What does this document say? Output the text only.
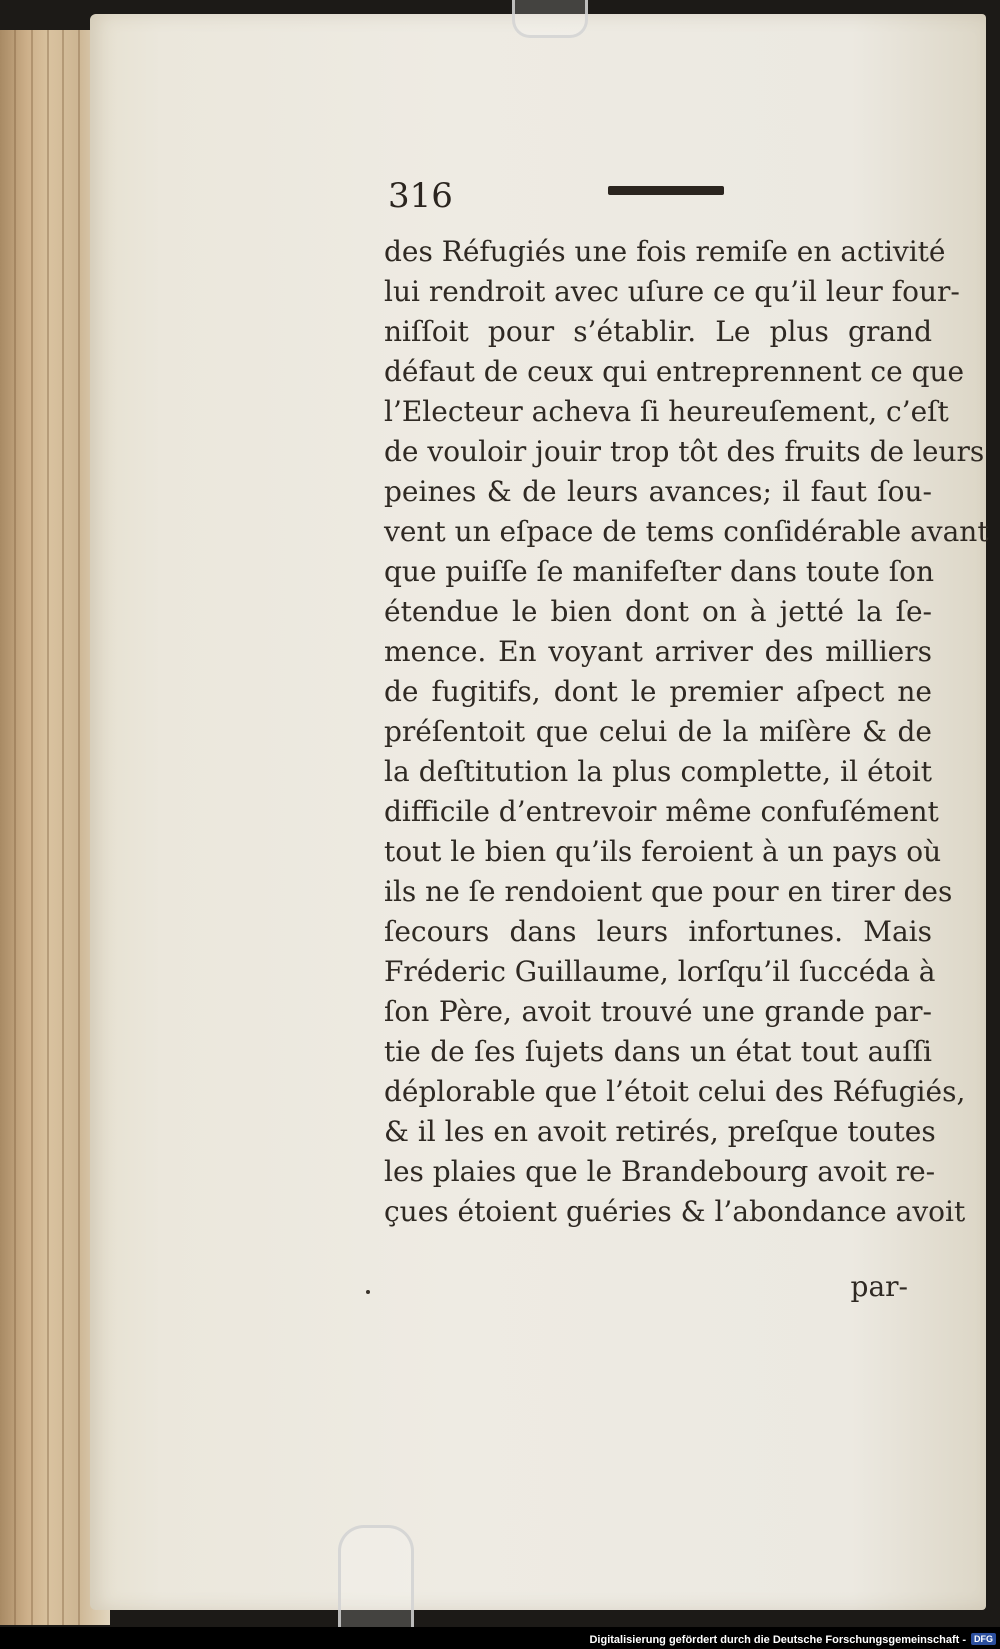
316
des Réfugiés une fois remiſe en activité
lui rendroit avec uſure ce qu’il leur four-
niſſoit pour s’établir. Le plus grand
défaut de ceux qui entreprennent ce que
l’Electeur acheva ſi heureuſement, c’eſt
de vouloir jouir trop tôt des fruits de leurs
peines & de leurs avances; il faut ſou-
vent un eſpace de tems conſidérable avant
que puiſſe ſe manifeſter dans toute ſon
étendue le bien dont on à jetté la ſe-
mence. En voyant arriver des milliers
de fugitifs, dont le premier aſpect ne
préſentoit que celui de la miſère & de
la deſtitution la plus complette, il étoit
difficile d’entrevoir même confuſément
tout le bien qu’ils feroient à un pays où
ils ne ſe rendoient que pour en tirer des
ſecours dans leurs infortunes. Mais
Fréderic Guillaume, lorſqu’il ſuccéda à
ſon Père, avoit trouvé une grande par-
tie de ſes ſujets dans un état tout auſſi
déplorable que l’étoit celui des Réfugiés,
& il les en avoit retirés, preſque toutes
les plaies que le Brandebourg avoit re-
çues étoient guéries & l’abondance avoit
par-
Digitalisierung gefördert durch die Deutsche Forschungsgemeinschaft - DFG
